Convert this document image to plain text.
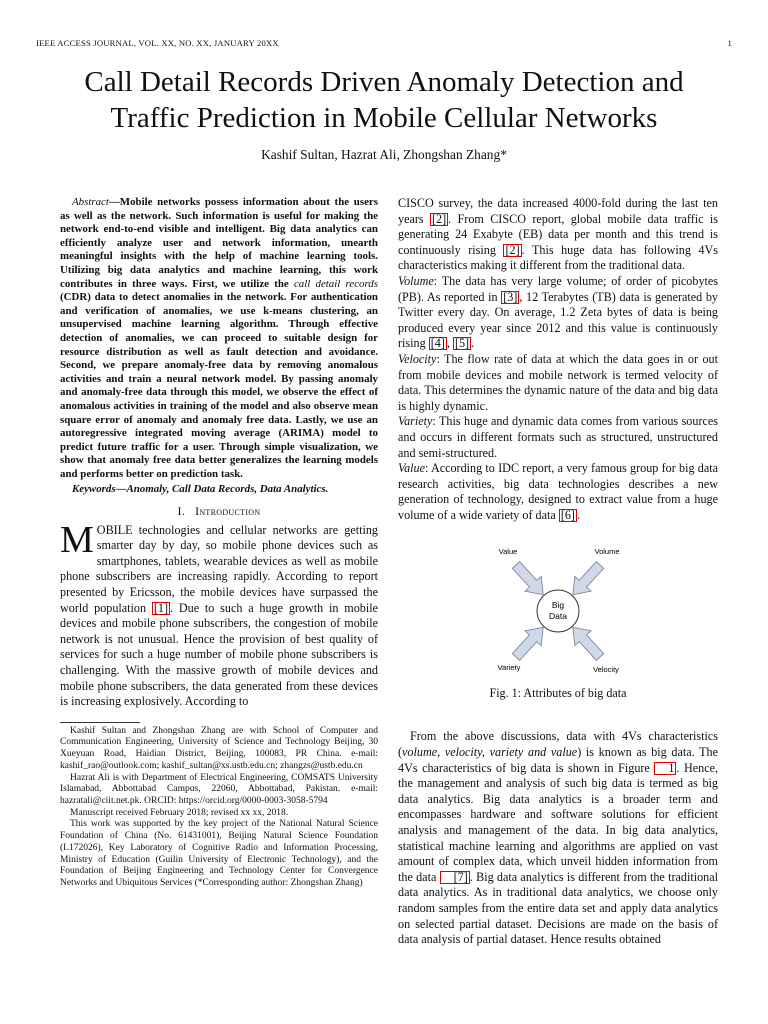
IEEE ACCESS JOURNAL, VOL. XX, NO. XX, JANUARY 20XX	1
Call Detail Records Driven Anomaly Detection and
Traffic Prediction in Mobile Cellular Networks
Kashif Sultan, Hazrat Ali, Zhongshan Zhang*
Abstract—Mobile networks possess information about the users as well as the network. Such information is useful for making the network end-to-end visible and intelligent. Big data analytics can efficiently analyze user and network information, unearth meaningful insights with the help of machine learning tools. Utilizing big data analytics and machine learning, this work contributes in three ways. First, we utilize the call detail records (CDR) data to detect anomalies in the network. For authentication and verification of anomalies, we use k-means clustering, an unsupervised machine learning algorithm. Through effective detection of anomalies, we can proceed to suitable design for resource distribution as well as fault detection and avoidance. Second, we prepare anomaly-free data by removing anomalous activities and train a neural network model. By passing anomaly and anomaly-free data through this model, we observe the effect of anomalous activities in training of the model and also observe mean square error of anomaly and anomaly free data. Lastly, we use an autoregressive integrated moving average (ARIMA) model to predict future traffic for a user. Through simple visualization, we show that anomaly free data better generalizes the learning models and performs better on prediction task.
Keywords—Anomaly, Call Data Records, Data Analytics.
I. Introduction

MOBILE technologies and cellular networks are getting smarter day by day, so mobile phone devices such as smartphones, tablets, wearable devices as well as mobile phone subscribers are increasing rapidly. According to report presented by Ericsson, the mobile devices have surpassed the world population [1] . Due to such a huge growth in mobile devices and mobile phone subscribers, the congestion of mobile network is not unusual. Hence the provision of best quality of services for such a huge number of mobile phone subscribers is challenging. With the massive growth of mobile devices and mobile phone subscribers, the data generated from these devices is increasing explosively. According to

Kashif Sultan and Zhongshan Zhang are with School of Computer and Communication Engineering, University of Science and Technology Beijing, 30 Xueyuan Road, Haidian District, Beijing, 100083, PR China. e-mail: kashif_rao@outlook.com; kashif_sultan@xs.ustb.edu.cn; zhangzs@ustb.edu.cn

Hazrat Ali is with Department of Electrical Engineering, COMSATS University Islamabad, Abbottabad Campus, 22060, Abbottabad, Pakistan. e-mail: hazratali@ciit.net.pk. ORCID: https://orcid.org/0000-0003-3058-5794

Manuscript received February 2018; revised xx xx, 2018.

This work was supported by the key project of the National Natural Science Foundation of China (No. 61431001), Beijing Natural Science Foundation (L172026), Key Laboratory of Cognitive Radio and Information Processing, Ministry of Education (Guilin University of Electronic Technology), and the Foundation of Beijing Engineering and Technology Center for Convergence Networks and Ubiquitous Services (*Corresponding author: Zhongshan Zhang)

CISCO survey, the data increased 4000-fold during the last ten years [2] . From CISCO report, global mobile data traffic is generating 24 Exabyte (EB) data per month and this trend is continuously rising [2] . This huge data has following 4Vs characteristics making it different from the traditional data.

Volume: The data has very large volume; of order of picobytes (PB). As reported in [3] , 12 Terabytes (TB) data is generated by Twitter every day. On average, 1.2 Zeta bytes of data is being produced every year since 2012 and this value is continuously rising [4] , [5] .

Velocity: The flow rate of data at which the data goes in or out from mobile devices and mobile network is termed velocity of data. This determines the dynamic nature of the data and big data is highly dynamic.

Variety: This huge and dynamic data comes from various sources and occurs in different formats such as structured, unstructured and semi-structured.

Value: According to IDC report, a very famous group for big data research activities, big data technologies describes a new generation of technology, designed to extract value from a huge volume of a wide variety of data [6] .

Big
Data
Value	Volume
Variety	Velocity
Fig. 1: Attributes of big data

From the above discussions, data with 4Vs characteristics (volume, velocity, variety and value) is known as big data. The 4Vs characteristics of big data is shown in Figure 1 . Hence, the management and analysis of such big data is termed as big data analytics. Big data analytics is a broader term and encompasses hardware and software solutions for efficient analysis and management of the data. In big data analytics, statistical machine learning and algorithms are applied on vast amount of complex data, which unveil hidden information from the data [7] . Big data analytics is different from the traditional data analytics. As in traditional data analytics, we choose only random samples from the entire data set and apply data analytics on selected partial dataset. Decisions are made on the basis of data analysis of partial dataset. Hence results obtained
